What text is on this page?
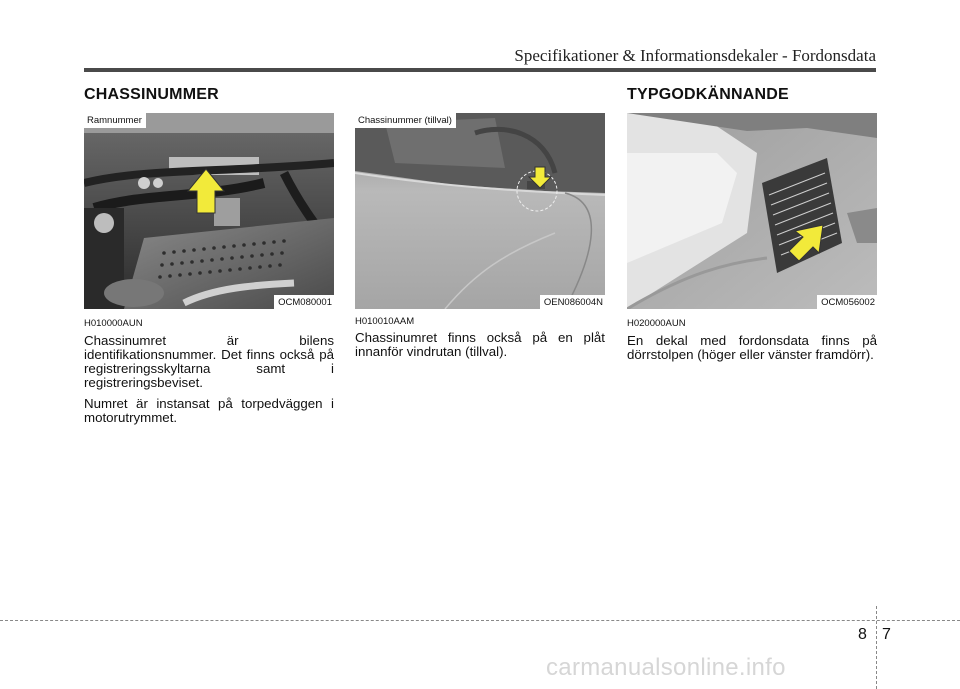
Specifikationer & Informationsdekaler - Fordonsdata
CHASSINUMMER
Ramnummer
OCM080001
H010000AUN

Chassinumret är bilens identifikationsnummer. Det finns också på registreringsskyltarna samt i registreringsbeviset.

Numret är instansat på torpedväggen i motorutrymmet.

Chassinummer (tillval)
OEN086004N
H010010AAM

Chassinumret finns också på en plåt innanför vindrutan (tillval).

TYPGODKÄNNANDE
OCM056002
H020000AUN

En dekal med fordonsdata finns på dörrstolpen (höger eller vänster framdörr).

8 7
carmanualsonline.info
